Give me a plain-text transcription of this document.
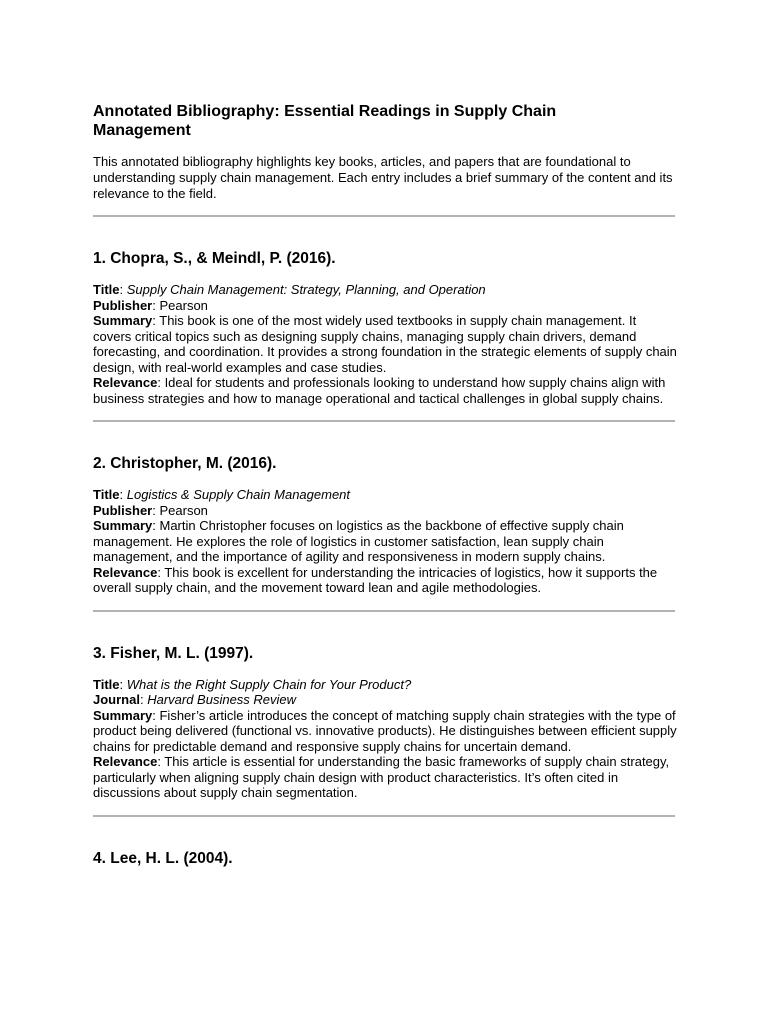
Annotated Bibliography: Essential Readings in Supply Chain Management

This annotated bibliography highlights key books, articles, and papers that are foundational to understanding supply chain management. Each entry includes a brief summary of the content and its relevance to the field.

1. Chopra, S., & Meindl, P. (2016).

Title: Supply Chain Management: Strategy, Planning, and Operation

Publisher: Pearson

Summary: This book is one of the most widely used textbooks in supply chain management. It covers critical topics such as designing supply chains, managing supply chain drivers, demand forecasting, and coordination. It provides a strong foundation in the strategic elements of supply chain design, with real-world examples and case studies.

Relevance: Ideal for students and professionals looking to understand how supply chains align with business strategies and how to manage operational and tactical challenges in global supply chains.

2. Christopher, M. (2016).

Title: Logistics & Supply Chain Management

Publisher: Pearson

Summary: Martin Christopher focuses on logistics as the backbone of effective supply chain management. He explores the role of logistics in customer satisfaction, lean supply chain management, and the importance of agility and responsiveness in modern supply chains.

Relevance: This book is excellent for understanding the intricacies of logistics, how it supports the overall supply chain, and the movement toward lean and agile methodologies.

3. Fisher, M. L. (1997).

Title: What is the Right Supply Chain for Your Product?

Journal: Harvard Business Review

Summary: Fisher’s article introduces the concept of matching supply chain strategies with the type of product being delivered (functional vs. innovative products). He distinguishes between efficient supply chains for predictable demand and responsive supply chains for uncertain demand.

Relevance: This article is essential for understanding the basic frameworks of supply chain strategy, particularly when aligning supply chain design with product characteristics. It’s often cited in discussions about supply chain segmentation.

4. Lee, H. L. (2004).
